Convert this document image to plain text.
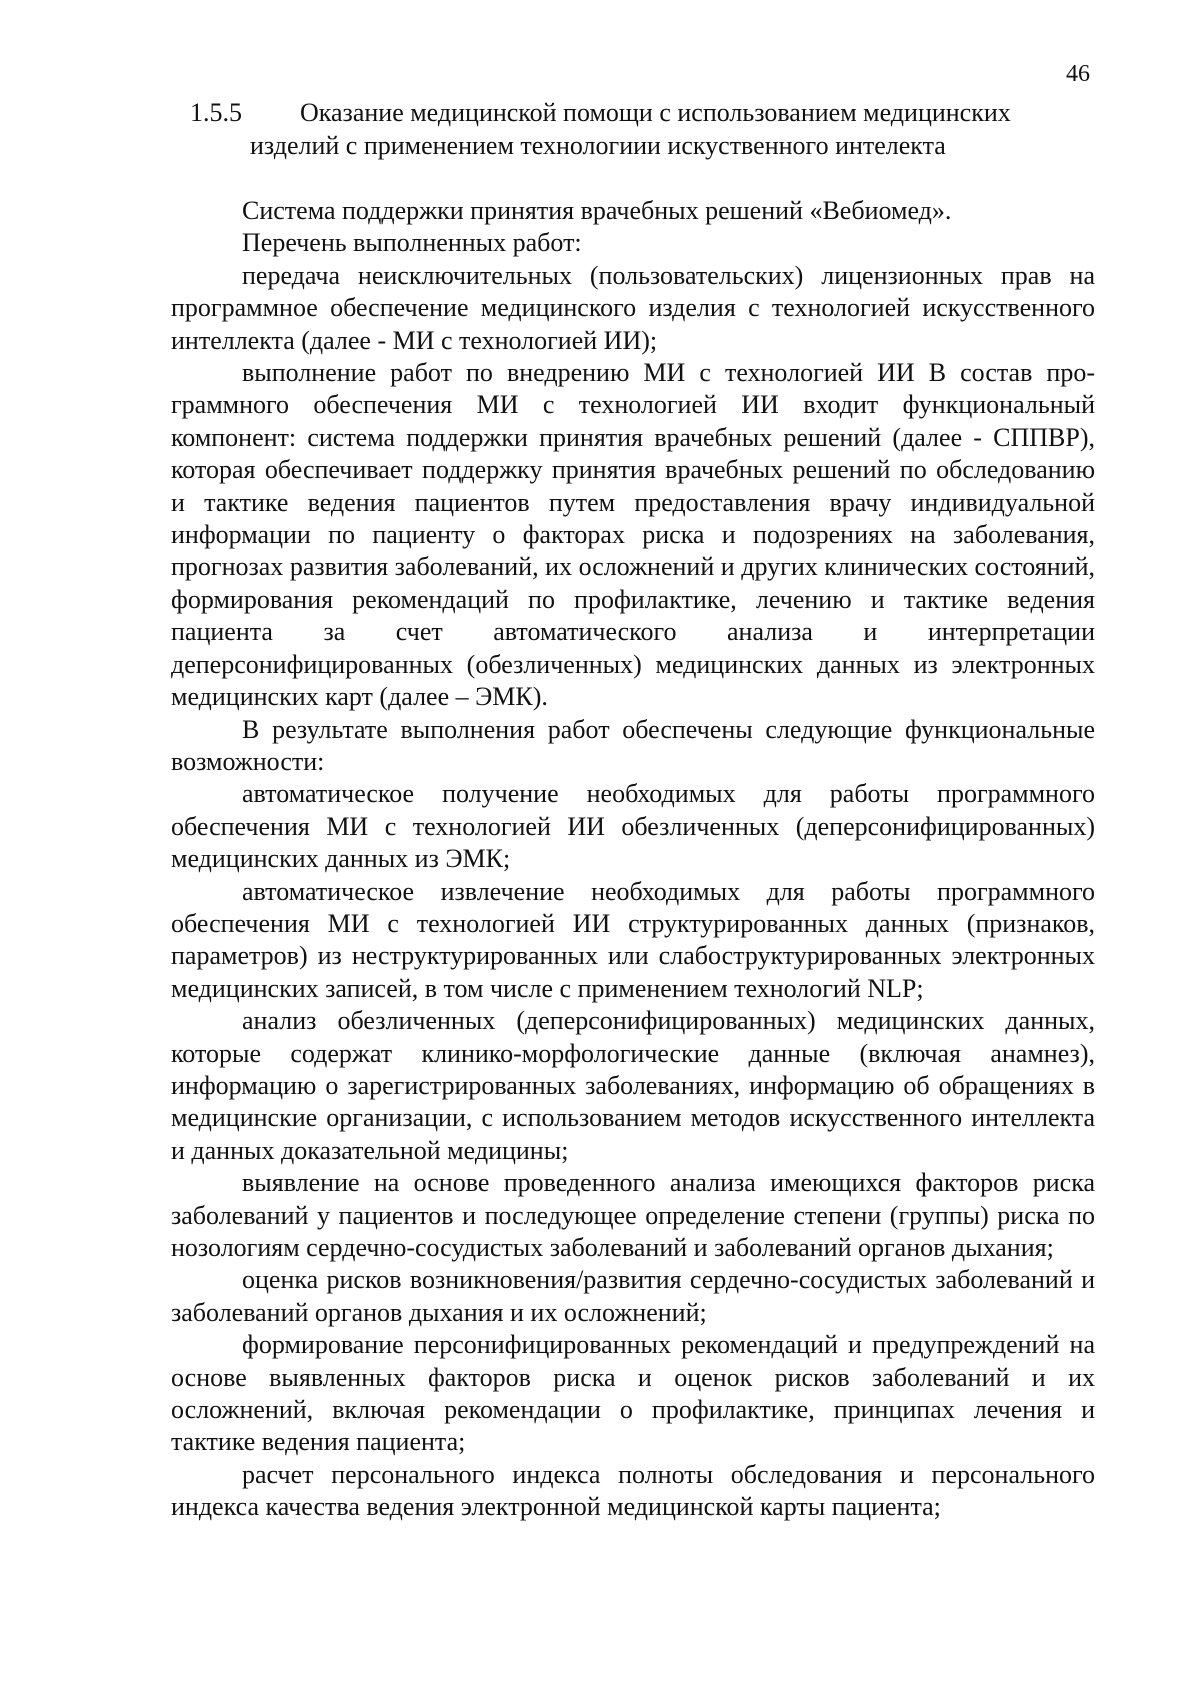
46
1.5.5 Оказание медицинской помощи с использованием медицинских
изделий с применением технологиии искуственного интелекта

Система поддержки принятия врачебных решений «Вебиомед».

Перечень выполненных работ:

передача неисключительных (пользовательских) лицензионных прав на программное обеспечение медицинского изделия с технологией искусственного интеллекта (далее - МИ с технологией ИИ);

выполнение работ по внедрению МИ с технологией ИИ В состав программного обеспечения МИ с технологией ИИ входит функциональный компонент: система поддержки принятия врачебных решений (далее - СППВР), которая обеспечивает поддержку принятия врачебных решений по обследованию и тактике ведения пациентов путем предоставления врачу индивидуальной информации по пациенту о факторах риска и подозрениях на заболевания, прогнозах развития заболеваний, их осложнений и других клинических состояний, формирования рекомендаций по профилактике, лечению и тактике ведения пациента за счет автоматического анализа и интерпретации деперсонифицированных (обезличенных) медицинских данных из электронных медицинских карт (далее – ЭМК).

В результате выполнения работ обеспечены следующие функциональные возможности:

автоматическое получение необходимых для работы программного обеспечения МИ с технологией ИИ обезличенных (деперсонифицированных) медицинских данных из ЭМК;

автоматическое извлечение необходимых для работы программного обеспечения МИ с технологией ИИ структурированных данных (признаков, параметров) из неструктурированных или слабоструктурированных электронных медицинских записей, в том числе с применением технологий NLP;

анализ обезличенных (деперсонифицированных) медицинских данных, которые содержат клинико-морфологические данные (включая анамнез), информацию о зарегистрированных заболеваниях, информацию об обращениях в медицинские организации, с использованием методов искусственного интеллекта и данных доказательной медицины;

выявление на основе проведенного анализа имеющихся факторов риска заболеваний у пациентов и последующее определение степени (группы) риска по нозологиям сердечно-сосудистых заболеваний и заболеваний органов дыхания;

оценка рисков возникновения/развития сердечно-сосудистых заболеваний и заболеваний органов дыхания и их осложнений;

формирование персонифицированных рекомендаций и предупреждений на основе выявленных факторов риска и оценок рисков заболеваний и их осложнений, включая рекомендации о профилактике, принципах лечения и тактике ведения пациента;

расчет персонального индекса полноты обследования и персонального индекса качества ведения электронной медицинской карты пациента;
